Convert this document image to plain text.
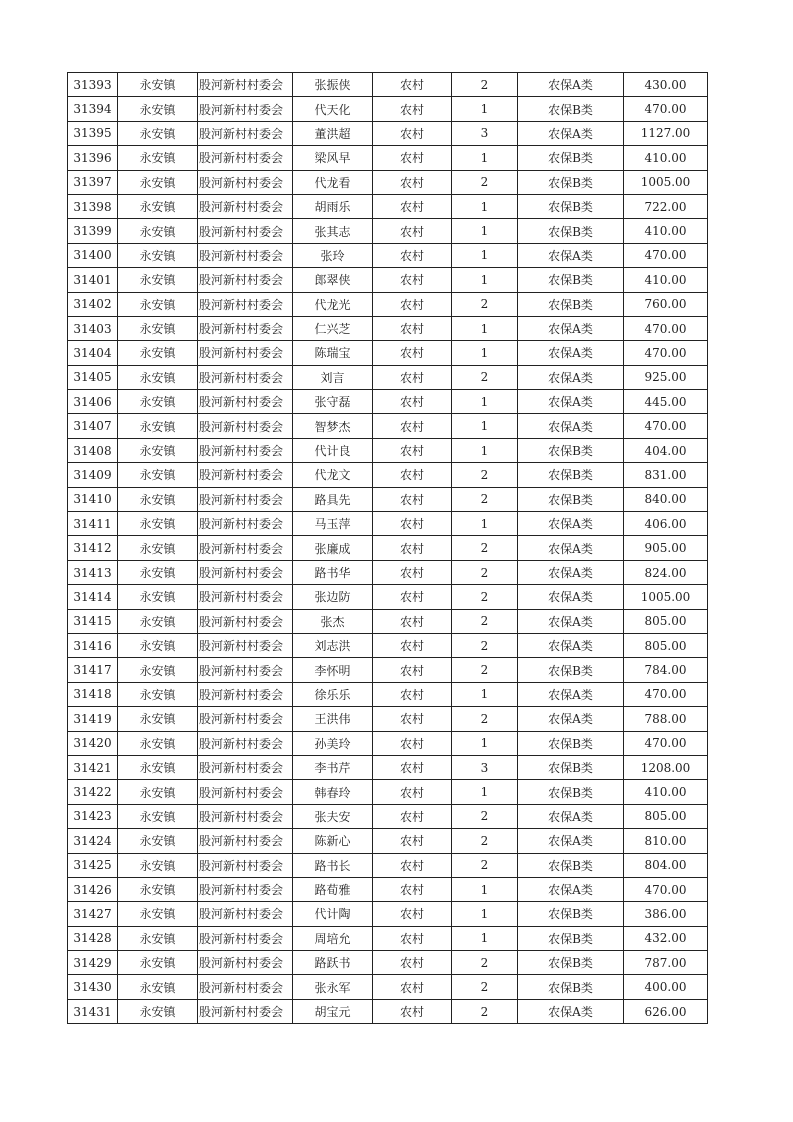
31393	永安镇	股河新村村委会	张振侠	农村	2	农保A类	430.00
31394	永安镇	股河新村村委会	代天化	农村	1	农保B类	470.00
31395	永安镇	股河新村村委会	董洪超	农村	3	农保A类	1127.00
31396	永安镇	股河新村村委会	梁风早	农村	1	农保B类	410.00
31397	永安镇	股河新村村委会	代龙看	农村	2	农保B类	1005.00
31398	永安镇	股河新村村委会	胡雨乐	农村	1	农保B类	722.00
31399	永安镇	股河新村村委会	张其志	农村	1	农保B类	410.00
31400	永安镇	股河新村村委会	张玲	农村	1	农保A类	470.00
31401	永安镇	股河新村村委会	郎翠侠	农村	1	农保B类	410.00
31402	永安镇	股河新村村委会	代龙光	农村	2	农保B类	760.00
31403	永安镇	股河新村村委会	仁兴芝	农村	1	农保A类	470.00
31404	永安镇	股河新村村委会	陈瑞宝	农村	1	农保A类	470.00
31405	永安镇	股河新村村委会	刘言	农村	2	农保A类	925.00
31406	永安镇	股河新村村委会	张守磊	农村	1	农保A类	445.00
31407	永安镇	股河新村村委会	智梦杰	农村	1	农保A类	470.00
31408	永安镇	股河新村村委会	代计良	农村	1	农保B类	404.00
31409	永安镇	股河新村村委会	代龙文	农村	2	农保B类	831.00
31410	永安镇	股河新村村委会	路具先	农村	2	农保B类	840.00
31411	永安镇	股河新村村委会	马玉萍	农村	1	农保A类	406.00
31412	永安镇	股河新村村委会	张廉成	农村	2	农保A类	905.00
31413	永安镇	股河新村村委会	路书华	农村	2	农保A类	824.00
31414	永安镇	股河新村村委会	张边防	农村	2	农保A类	1005.00
31415	永安镇	股河新村村委会	张杰	农村	2	农保A类	805.00
31416	永安镇	股河新村村委会	刘志洪	农村	2	农保A类	805.00
31417	永安镇	股河新村村委会	李怀明	农村	2	农保B类	784.00
31418	永安镇	股河新村村委会	徐乐乐	农村	1	农保A类	470.00
31419	永安镇	股河新村村委会	王洪伟	农村	2	农保A类	788.00
31420	永安镇	股河新村村委会	孙美玲	农村	1	农保B类	470.00
31421	永安镇	股河新村村委会	李书芹	农村	3	农保B类	1208.00
31422	永安镇	股河新村村委会	韩春玲	农村	1	农保B类	410.00
31423	永安镇	股河新村村委会	张夫安	农村	2	农保A类	805.00
31424	永安镇	股河新村村委会	陈新心	农村	2	农保A类	810.00
31425	永安镇	股河新村村委会	路书长	农村	2	农保B类	804.00
31426	永安镇	股河新村村委会	路荀雅	农村	1	农保A类	470.00
31427	永安镇	股河新村村委会	代计陶	农村	1	农保B类	386.00
31428	永安镇	股河新村村委会	周培允	农村	1	农保B类	432.00
31429	永安镇	股河新村村委会	路跃书	农村	2	农保B类	787.00
31430	永安镇	股河新村村委会	张永军	农村	2	农保B类	400.00
31431	永安镇	股河新村村委会	胡宝元	农村	2	农保A类	626.00
